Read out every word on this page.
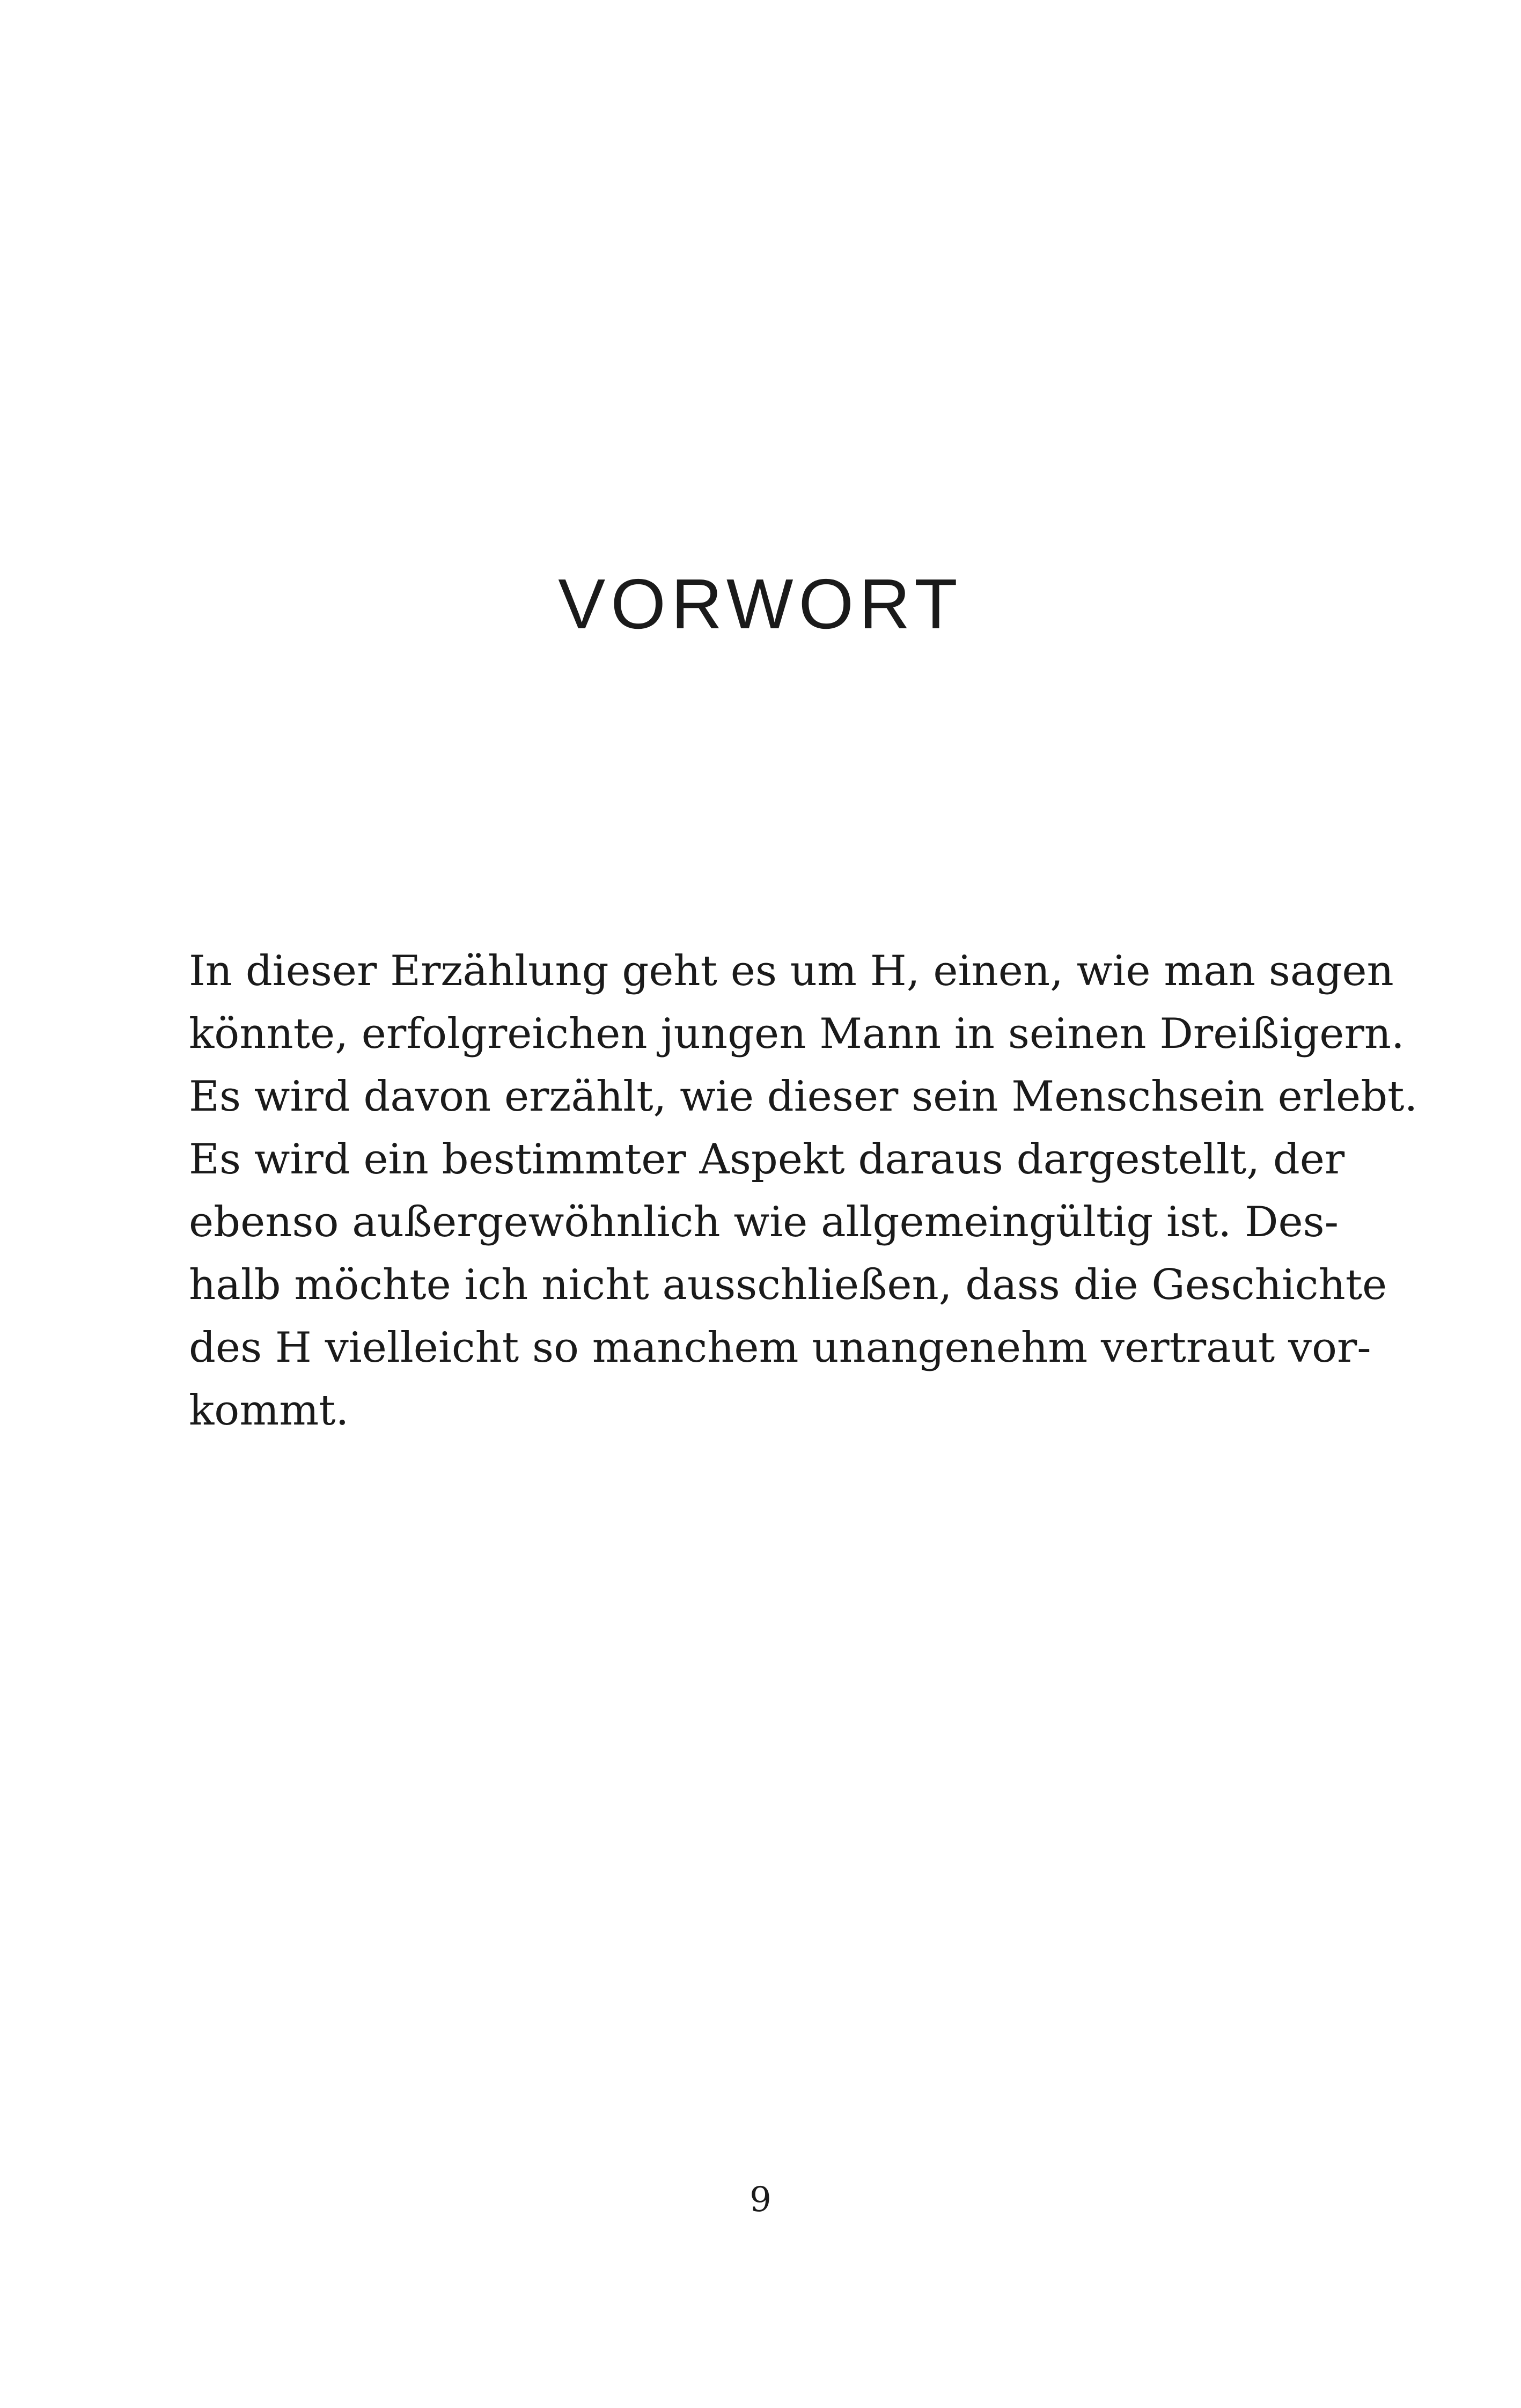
VORWORT
In dieser Erzählung geht es um H, einen, wie man sagen
könnte, erfolgreichen jungen Mann in seinen Dreißigern.
Es wird davon erzählt, wie dieser sein Menschsein erlebt.
Es wird ein bestimmter Aspekt daraus dargestellt, der
ebenso außergewöhnlich wie allgemeingültig ist. Des-
halb möchte ich nicht ausschließen, dass die Geschichte
des H vielleicht so manchem unangenehm vertraut vor-
kommt.
9
